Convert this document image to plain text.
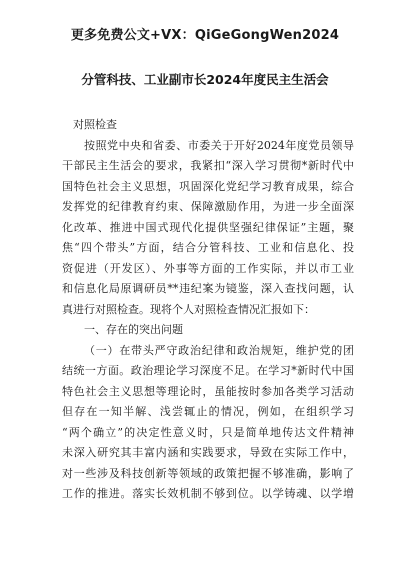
更多免费公文+VX：QiGeGongWen2024
分管科技、工业副市长2024年度民主生活会
对照检查
按照党中央和省委、市委关于开好2024年度党员领导
干部民主生活会的要求，我紧扣“深入学习贯彻*新时代中
国特色社会主义思想，巩固深化党纪学习教育成果，综合
发挥党的纪律教育约束、保障激励作用，为进一步全面深
化改革、推进中国式现代化提供坚强纪律保证”主题，聚
焦“四个带头”方面，结合分管科技、工业和信息化、投
资促进（开发区）、外事等方面的工作实际，并以市工业
和信息化局原调研员**违纪案为镜鉴，深入查找问题，认
真进行对照检查。现将个人对照检查情况汇报如下：
一、存在的突出问题
（一）在带头严守政治纪律和政治规矩，维护党的团
结统一方面。政治理论学习深度不足。在学习*新时代中国
特色社会主义思想等理论时，虽能按时参加各类学习活动
但存在一知半解、浅尝辄止的情况，例如，在组织学习
“两个确立”的决定性意义时，只是简单地传达文件精神
未深入研究其丰富内涵和实践要求，导致在实际工作中，
对一些涉及科技创新等领域的政策把握不够准确，影响了
工作的推进。落实长效机制不够到位。以学铸魂、以学增
